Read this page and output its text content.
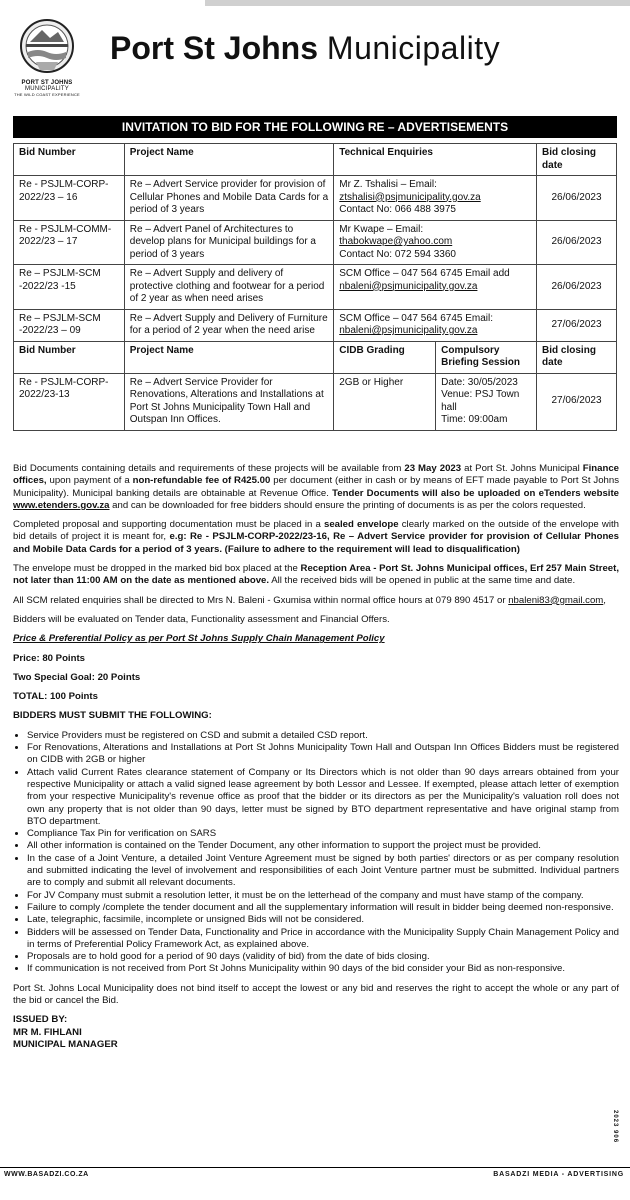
PORT ST JOHNS
MUNICIPALITY
THE WILD COAST EXPERIENCE
Port St Johns Municipality
INVITATION TO BID FOR THE FOLLOWING RE – ADVERTISEMENTS
Bid Number	Project Name	Technical Enquiries		Bid closing date
Re - PSJLM-CORP-2022/23 – 16	Re – Advert Service provider for provision of Cellular Phones and Mobile Data Cards for a period of 3 years	Mr Z. Tshalisi – Email: ztshalisi@psjmunicipality.gov.za
Contact No: 066 488 3975		26/06/2023
Re - PSJLM-COMM-2022/23 – 17	Re – Advert Panel of Architectures to develop plans for Municipal buildings for a period of 3 years	Mr Kwape – Email: thabokwape@yahoo.com
Contact No: 072 594 3360		26/06/2023
Re – PSJLM-SCM -2022/23 -15	Re – Advert Supply and delivery of protective clothing and footwear for a period of 2 year as when need arises	SCM Office – 047 564 6745 Email add nbaleni@psjmunicipality.gov.za		26/06/2023
Re – PSJLM-SCM -2022/23 – 09	Re – Advert Supply and Delivery of Furniture for a period of 2 year when the need arise	SCM Office – 047 564 6745 Email: nbaleni@psjmunicipality.gov.za		27/06/2023
Bid Number	Project Name	CIDB Grading	Compulsory Briefing Session	Bid closing date
Re - PSJLM-CORP-2022/23-13	Re – Advert Service Provider for Renovations, Alterations and Installations at Port St Johns Municipality Town Hall and Outspan Inn Offices.	2GB or Higher	Date: 30/05/2023
Venue: PSJ Town hall
Time: 09:00am	27/06/2023

Bid Documents containing details and requirements of these projects will be available from 23 May 2023 at Port St. Johns Municipal Finance offices, upon payment of a non-refundable fee of R425.00 per document (either in cash or by means of EFT made payable to Port St Johns Municipality). Municipal banking details are obtainable at Revenue Office. Tender Documents will also be uploaded on eTenders website www.etenders.gov.za and can be downloaded for free bidders should ensure the printing of documents is as per the colors requested.

Completed proposal and supporting documentation must be placed in a sealed envelope clearly marked on the outside of the envelope with bid details of project it is meant for, e.g: Re - PSJLM-CORP-2022/23-16, Re – Advert Service provider for provision of Cellular Phones and Mobile Data Cards for a period of 3 years. (Failure to adhere to the requirement will lead to disqualification)

The envelope must be dropped in the marked bid box placed at the Reception Area - Port St. Johns Municipal offices, Erf 257 Main Street, not later than 11:00 AM on the date as mentioned above. All the received bids will be opened in public at the same time and date.

All SCM related enquiries shall be directed to Mrs N. Baleni - Gxumisa within normal office hours at 079 890 4517 or nbaleni83@gmail.com,

Bidders will be evaluated on Tender data, Functionality assessment and Financial Offers.

Price & Preferential Policy as per Port St Johns Supply Chain Management Policy

Price: 80 Points

Two Special Goal: 20 Points

TOTAL: 100 Points

BIDDERS MUST SUBMIT THE FOLLOWING:

• Service Providers must be registered on CSD and submit a detailed CSD report.
• For Renovations, Alterations and Installations at Port St Johns Municipality Town Hall and Outspan Inn Offices Bidders must be registered on CIDB with 2GB or higher
• Attach valid Current Rates clearance statement of Company or Its Directors which is not older than 90 days arrears obtained from your respective Municipality or attach a valid signed lease agreement by both Lessor and Lessee. If exempted, please attach letter of exemption from your respective Municipality's revenue office as proof that the bidder or its directors as per the Municipality's valuation roll does not own any property that is not older than 90 days, letter must be signed by BTO department representative and have original stamp from BTO department.
• Compliance Tax Pin for verification on SARS
• All other information is contained on the Tender Document, any other information to support the project must be provided.
• In the case of a Joint Venture, a detailed Joint Venture Agreement must be signed by both parties' directors or as per company resolution and submitted indicating the level of involvement and responsibilities of each Joint Venture partner must be submitted. Individual partners are to comply and submit all relevant documents.
• For JV Company must submit a resolution letter, it must be on the letterhead of the company and must have stamp of the company.
• Failure to comply /complete the tender document and all the supplementary information will result in bidder being deemed non-responsive.
• Late, telegraphic, facsimile, incomplete or unsigned Bids will not be considered.
• Bidders will be assessed on Tender Data, Functionality and Price in accordance with the Municipality Supply Chain Management Policy and in terms of Preferential Policy Framework Act, as explained above.
• Proposals are to hold good for a period of 90 days (validity of bid) from the date of bids closing.
• If communication is not received from Port St Johns Municipality within 90 days of the bid consider your Bid as non-responsive.

Port St. Johns Local Municipality does not bind itself to accept the lowest or any bid and reserves the right to accept the whole or any part of the bid or cancel the Bid.

ISSUED BY:
MR M. FIHLANI
MUNICIPAL MANAGER
2023 906
WWW.BASADZI.CO.ZA	BASADZI MEDIA - ADVERTISING
